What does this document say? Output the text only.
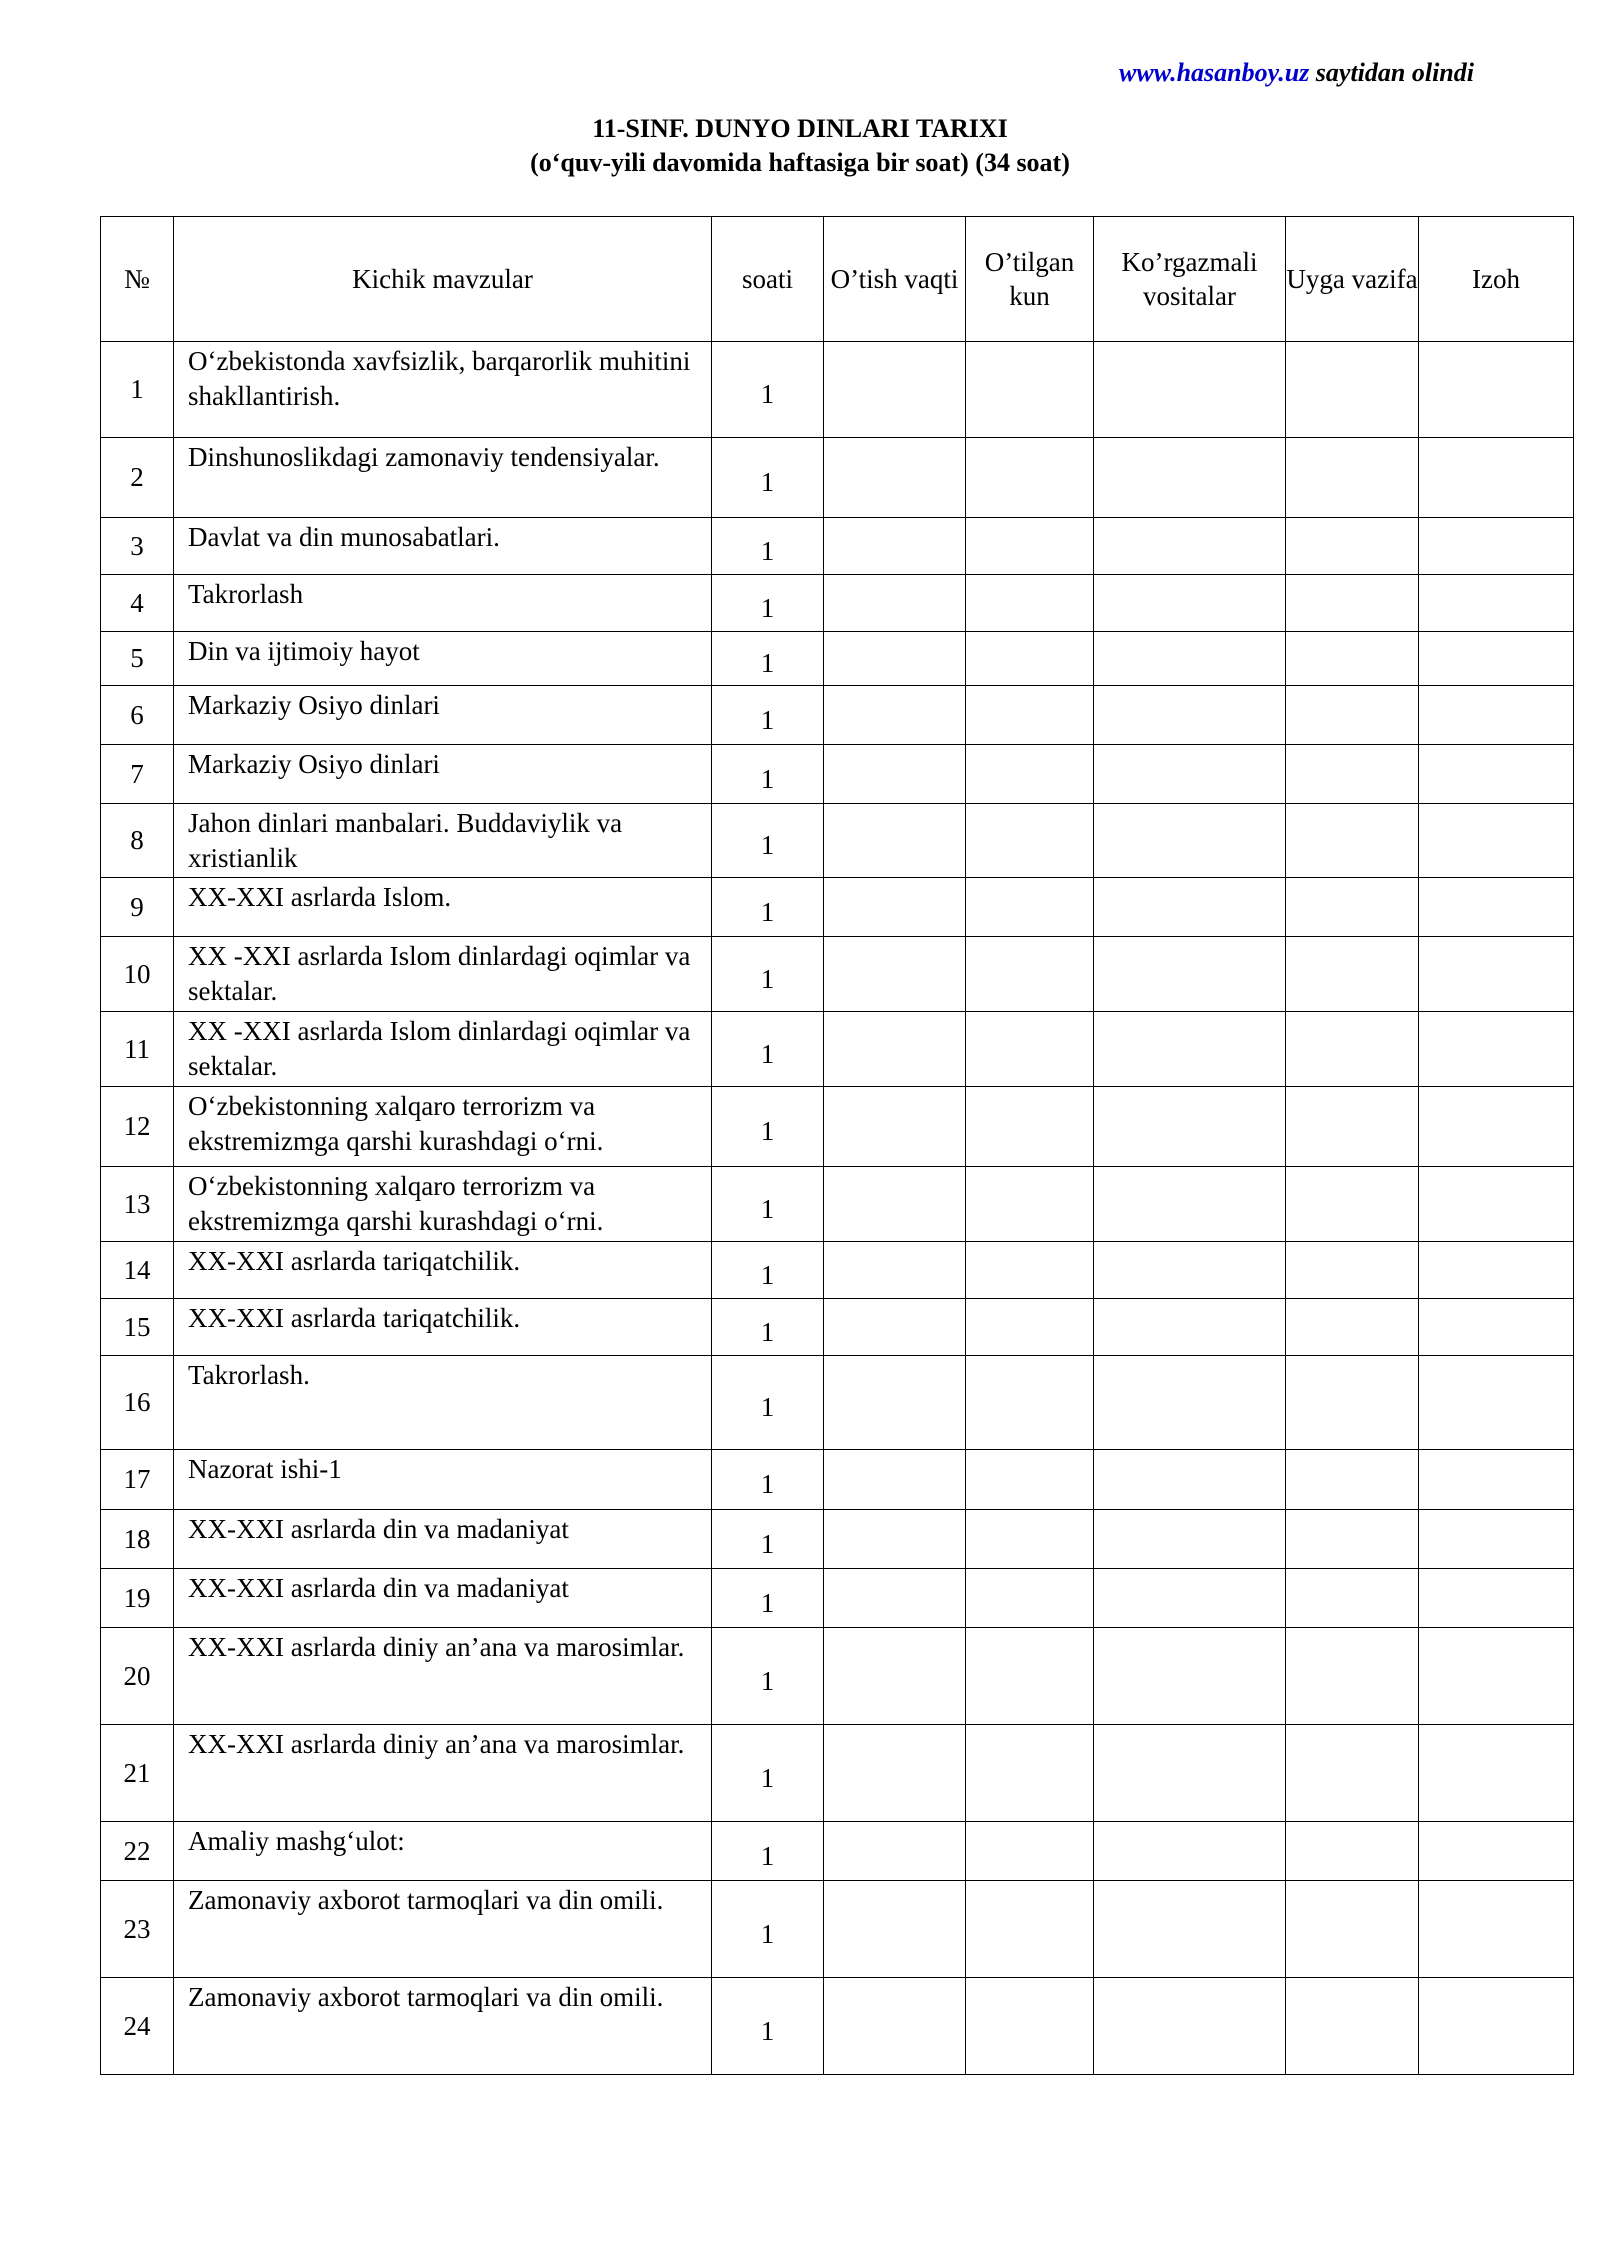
www.hasanboy.uz saytidan olindi
11-SINF. DUNYO DINLARI TARIXI
(o‘quv-yili davomida haftasiga bir soat) (34 soat)
№	Kichik mavzular	soati	O’tish vaqti	O’tilgan kun	Ko’rgazmali vositalar	Uyga vazifa	Izoh
1	O‘zbekistonda xavfsizlik, barqarorlik muhitini shakllantirish.	1					
2	Dinshunoslikdagi zamonaviy tendensiyalar.	1					
3	Davlat va din munosabatlari.	1					
4	Takrorlash	1					
5	Din va ijtimoiy hayot	1					
6	Markaziy Osiyo dinlari	1					
7	Markaziy Osiyo dinlari	1					
8	Jahon dinlari manbalari. Buddaviylik va xristianlik	1					
9	XX-XXI asrlarda Islom.	1					
10	XX -XXI asrlarda Islom dinlardagi oqimlar va sektalar.	1					
11	XX -XXI asrlarda Islom dinlardagi oqimlar va sektalar.	1					
12	O‘zbekistonning xalqaro terrorizm va ekstremizmga qarshi kurashdagi o‘rni.	1					
13	O‘zbekistonning xalqaro terrorizm va ekstremizmga qarshi kurashdagi o‘rni.	1					
14	XX-XXI asrlarda tariqatchilik.	1					
15	XX-XXI asrlarda tariqatchilik.	1					
16	Takrorlash.	1					
17	Nazorat ishi-1	1					
18	XX-XXI asrlarda din va madaniyat	1					
19	XX-XXI asrlarda din va madaniyat	1					
20	XX-XXI asrlarda diniy an’ana va marosimlar.	1					
21	XX-XXI asrlarda diniy an’ana va marosimlar.	1					
22	Amaliy mashg‘ulot:	1					
23	Zamonaviy axborot tarmoqlari va din omili.	1					
24	Zamonaviy axborot tarmoqlari va din omili.	1					
